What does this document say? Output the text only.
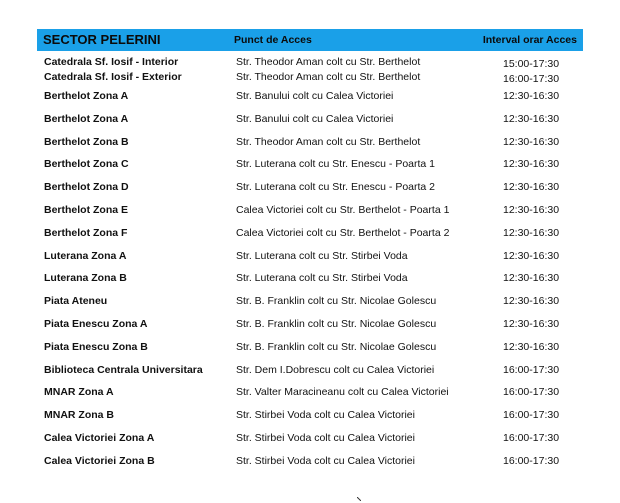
SECTOR PELERINI	Punct de Acces	Interval orar Acces
Catedrala Sf. Iosif - Interior	Str. Theodor Aman colt cu Str. Berthelot	15:00-17:30
Catedrala Sf. Iosif - Exterior	Str. Theodor Aman colt cu Str. Berthelot	16:00-17:30
Berthelot Zona A	Str. Banului colt cu Calea Victoriei	12:30-16:30
Berthelot Zona A	Str. Banului colt cu Calea Victoriei	12:30-16:30
Berthelot Zona B	Str. Theodor Aman colt cu Str. Berthelot	12:30-16:30
Berthelot Zona C	Str. Luterana colt cu Str. Enescu - Poarta 1	12:30-16:30
Berthelot Zona D	Str. Luterana colt cu Str. Enescu - Poarta 2	12:30-16:30
Berthelot Zona E	Calea Victoriei colt cu Str. Berthelot - Poarta 1	12:30-16:30
Berthelot Zona F	Calea Victoriei colt cu Str. Berthelot - Poarta 2	12:30-16:30
Luterana Zona A	Str. Luterana colt cu Str. Stirbei Voda	12:30-16:30
Luterana Zona B	Str. Luterana colt cu Str. Stirbei Voda	12:30-16:30
Piata Ateneu	Str. B. Franklin colt cu Str. Nicolae Golescu	12:30-16:30
Piata Enescu Zona A	Str. B. Franklin colt cu Str. Nicolae Golescu	12:30-16:30
Piata Enescu Zona B	Str. B. Franklin colt cu Str. Nicolae Golescu	12:30-16:30
Biblioteca Centrala Universitara	Str. Dem I.Dobrescu colt cu Calea Victoriei	16:00-17:30
MNAR Zona A	Str. Valter Maracineanu colt cu Calea Victoriei	16:00-17:30
MNAR Zona B	Str. Stirbei Voda colt cu Calea Victoriei	16:00-17:30
Calea Victoriei Zona A	Str. Stirbei Voda colt cu Calea Victoriei	16:00-17:30
Calea Victoriei Zona B	Str. Stirbei Voda colt cu Calea Victoriei	16:00-17:30
